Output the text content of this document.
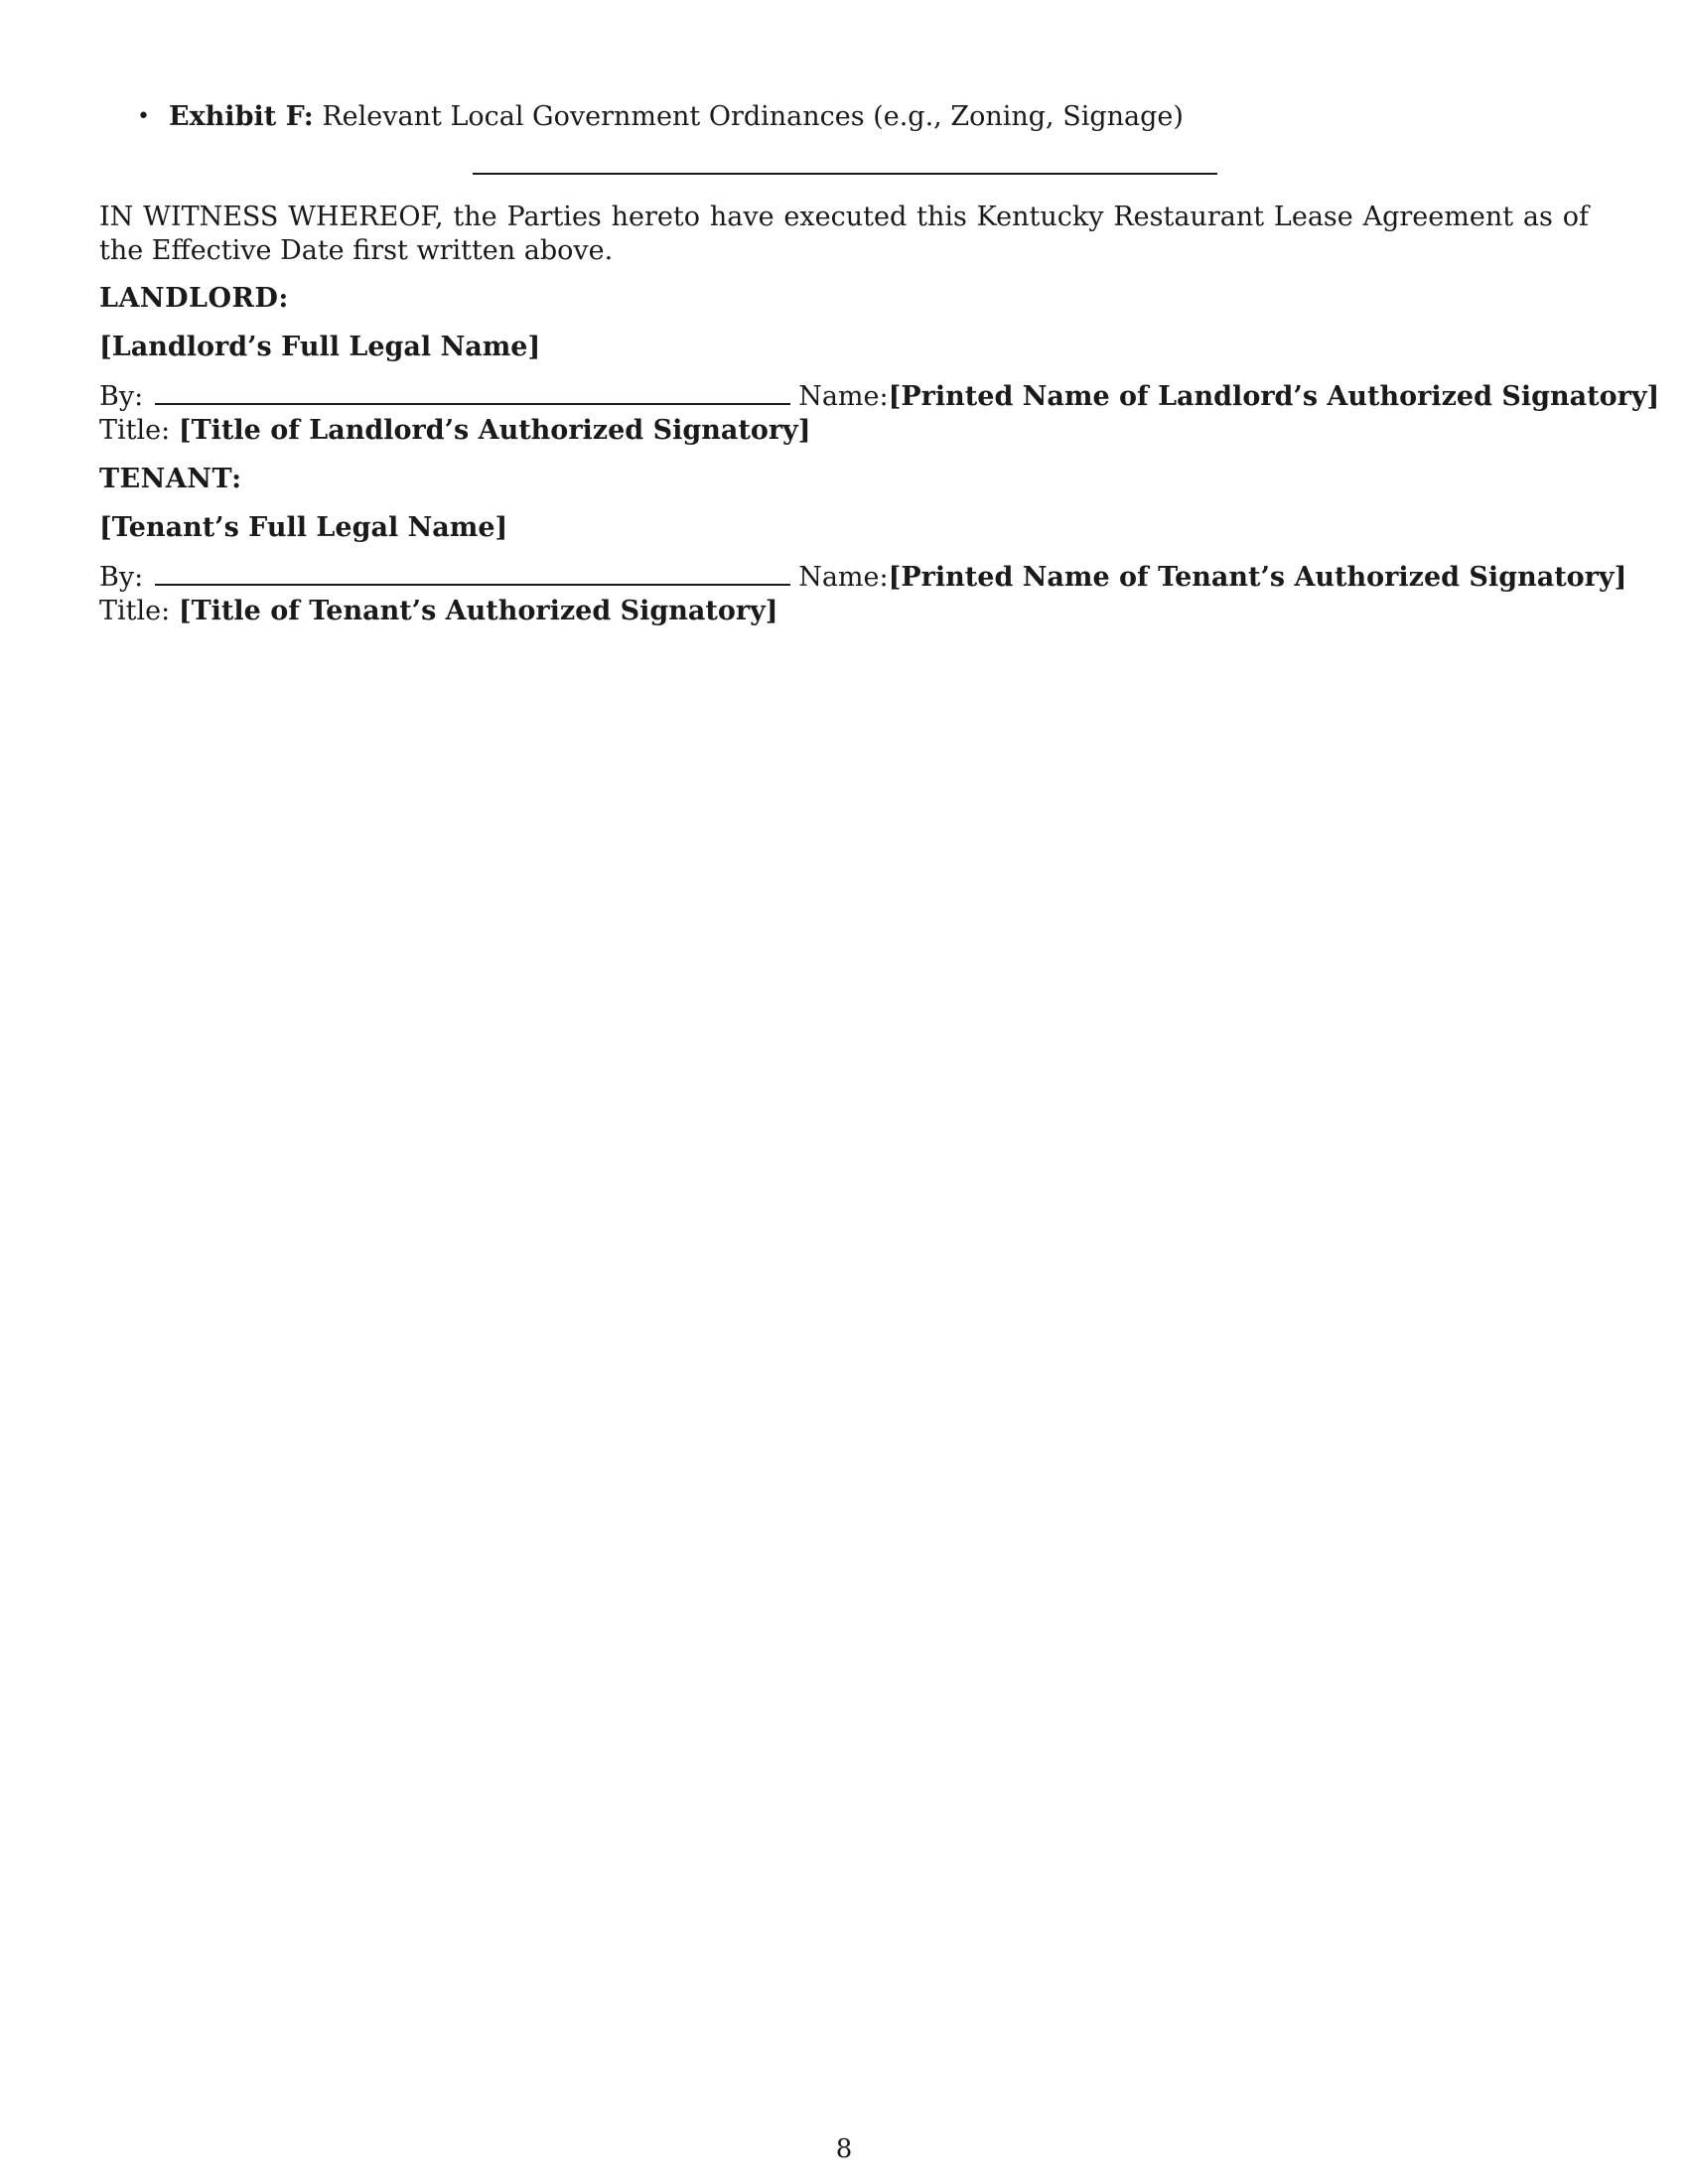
• Exhibit F: Relevant Local Government Ordinances (e.g., Zoning, Signage)

IN WITNESS WHEREOF, the Parties hereto have executed this Kentucky Restaurant Lease Agreement as of the Effective Date first written above.

LANDLORD:

[Landlord’s Full Legal Name]

By:	Name: [Printed Name of Landlord’s Authorized Signatory]
Title: [Title of Landlord’s Authorized Signatory]

TENANT:

[Tenant’s Full Legal Name]

By:	Name: [Printed Name of Tenant’s Authorized Signatory]
Title: [Title of Tenant’s Authorized Signatory]
8
